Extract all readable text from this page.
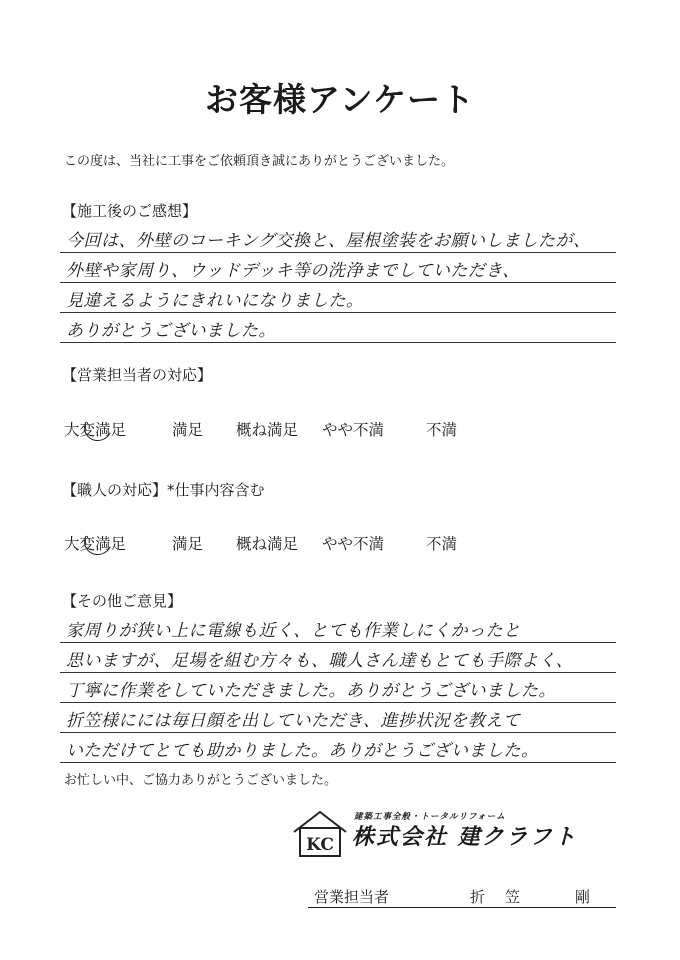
お客様アンケート
この度は、当社に工事をご依頼頂き誠にありがとうございました。
【施工後のご感想】
今回は、外壁のコーキング交換と、屋根塗装をお願いしましたが、
外壁や家周り、ウッドデッキ等の洗浄までしていただき、
見違えるようにきれいになりました。
ありがとうございました。
【営業担当者の対応】
大変満足	満足 概ね満足 やや不満	不満
【職人の対応】*仕事内容含む
大変満足	満足 概ね満足 やや不満	不満
【その他ご意見】
家周りが狭い上に電線も近く、とても作業しにくかったと
思いますが、足場を組む方々も、職人さん達もとても手際よく、
丁寧に作業をしていただきました。ありがとうございました。
折笠様にには毎日顔を出していただき、進捗状況を教えて
いただけてとても助かりました。ありがとうございました。
お忙しい中、ご協力ありがとうございました。
KC
建築工事全般・トータルリフォーム
株式会社 建クラフト
営業担当者	折笠　剛
